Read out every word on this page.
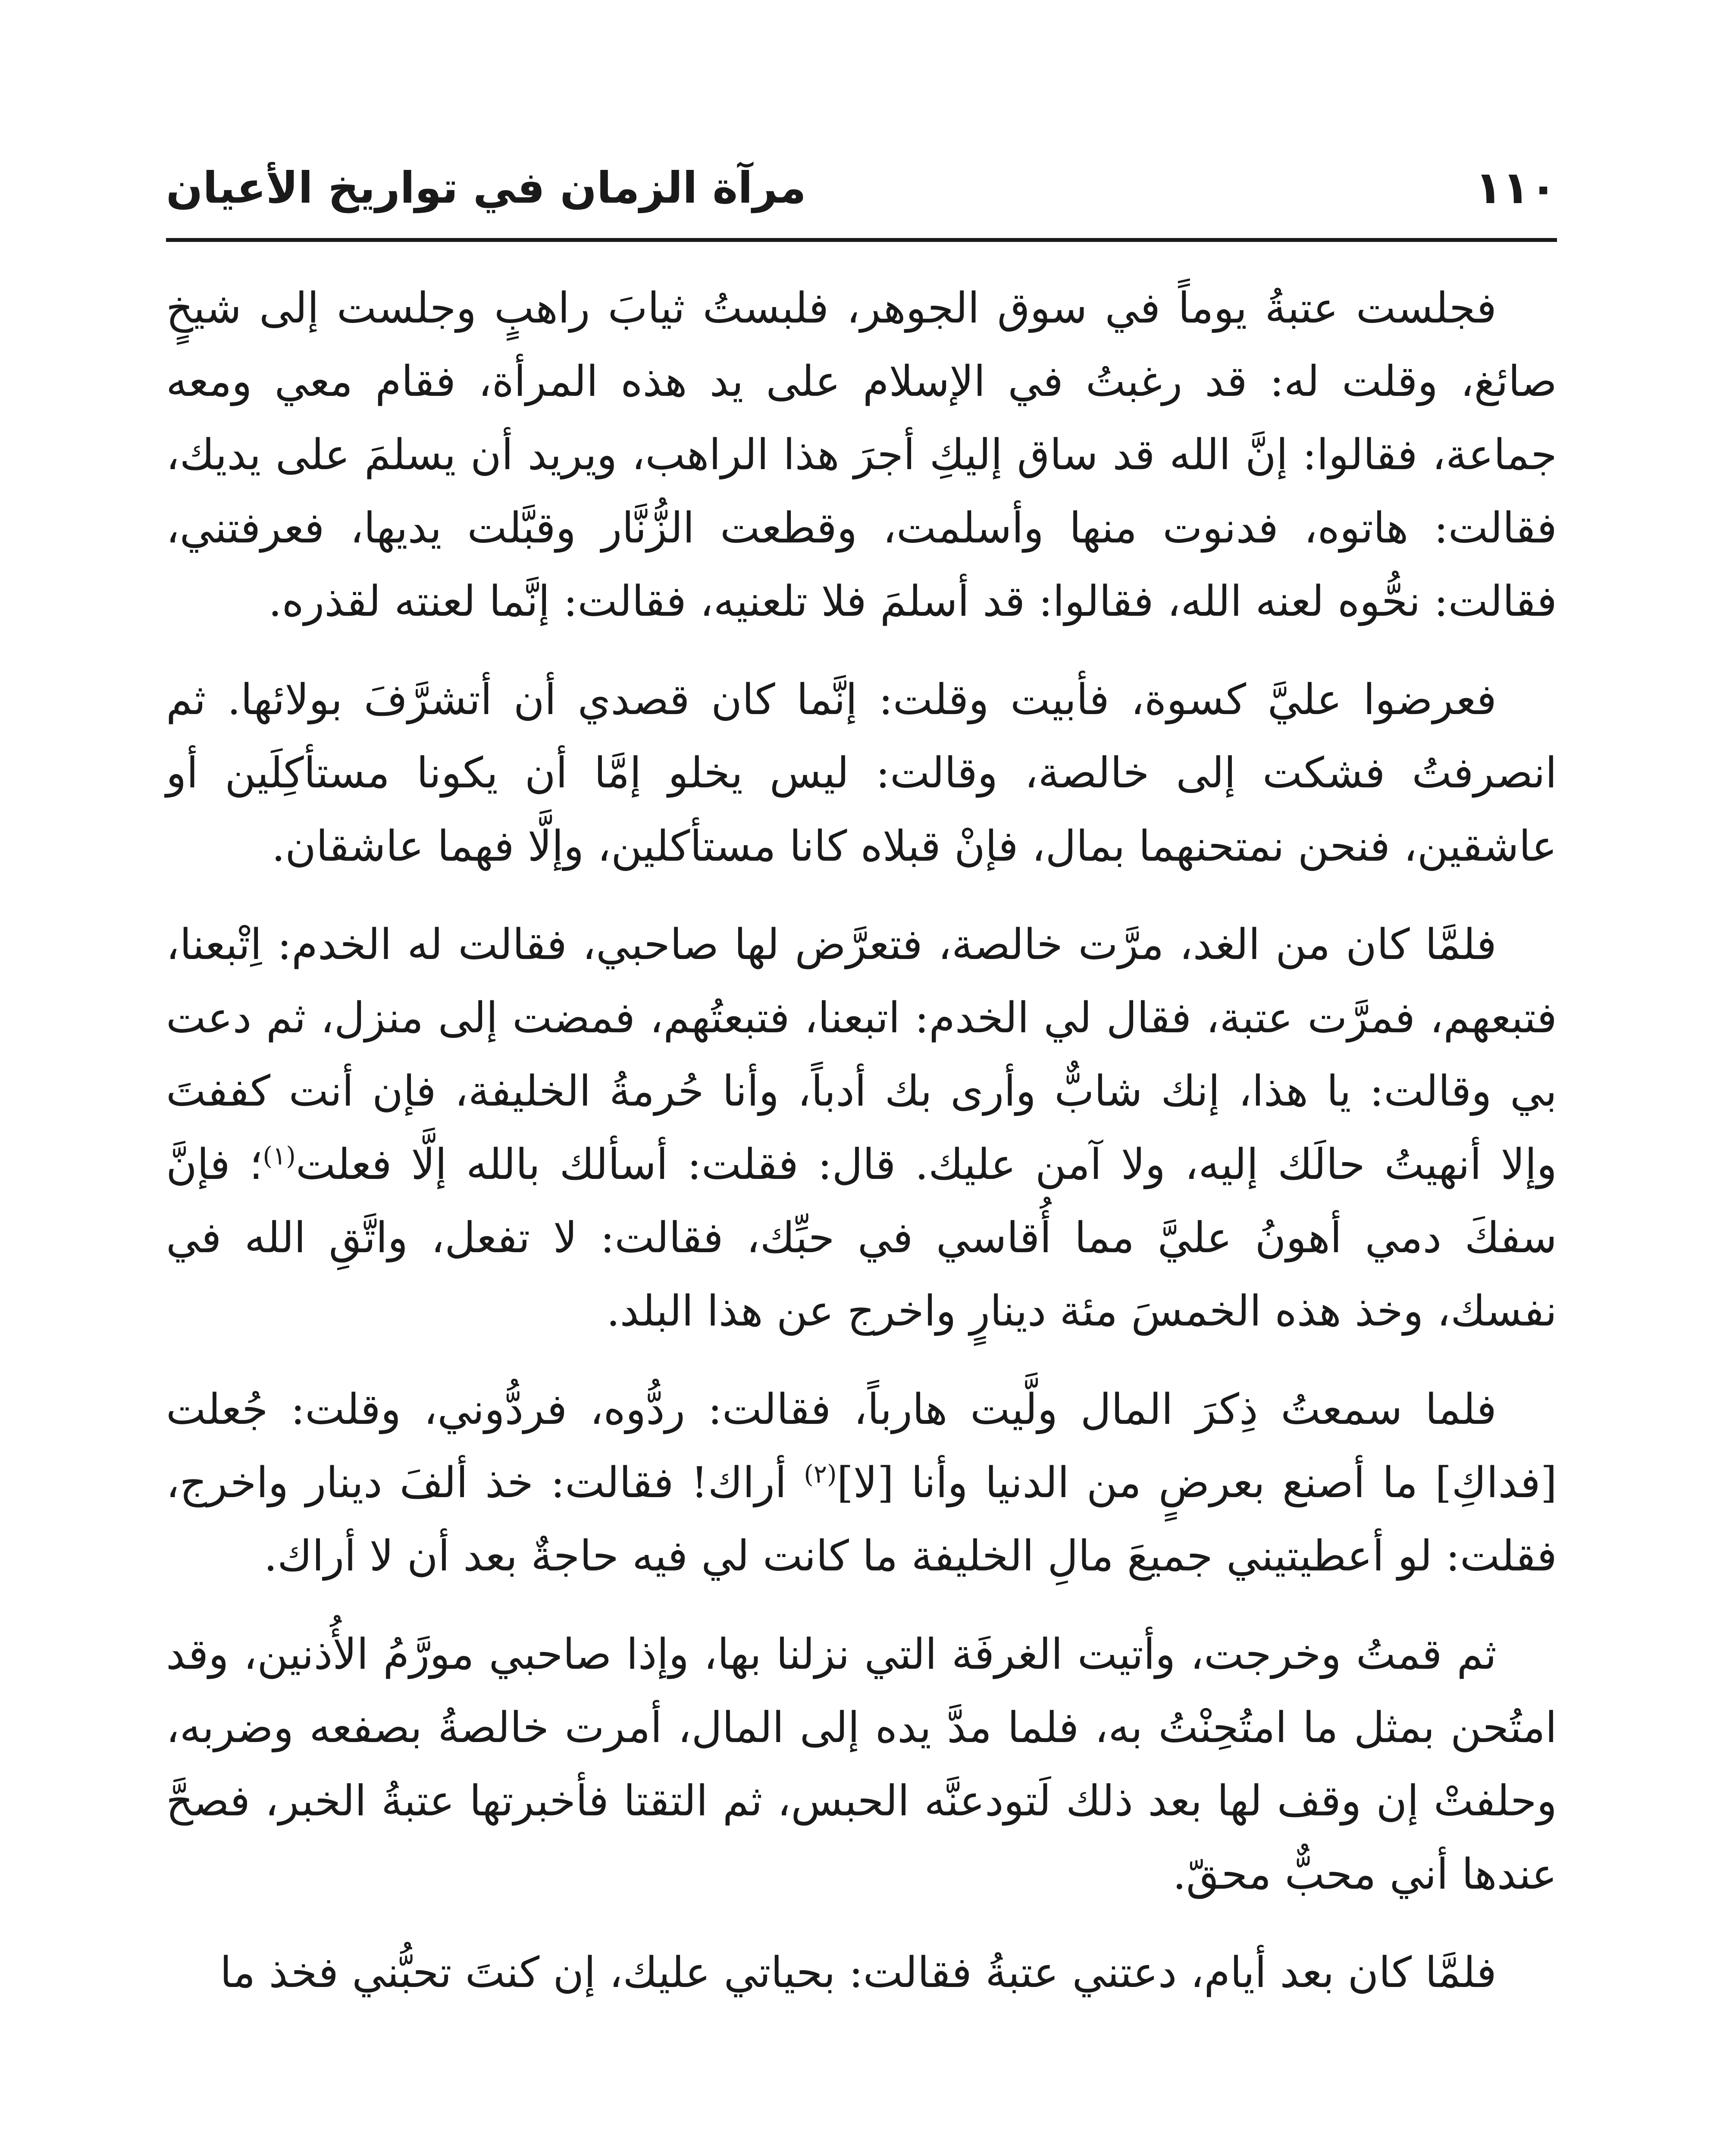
١١٠
مرآة الزمان في تواريخ الأعيان

فجلست عتبةُ يوماً في سوق الجوهر، فلبستُ ثيابَ راهبٍ وجلست إلى شيخٍ صائغ، وقلت له: قد رغبتُ في الإسلام على يد هذه المرأة، فقام معي ومعه جماعة، فقالوا: إنَّ الله قد ساق إليكِ أجرَ هذا الراهب، ويريد أن يسلمَ على يديك، فقالت: هاتوه، فدنوت منها وأسلمت، وقطعت الزُّنَّار وقبَّلت يديها، فعرفتني، فقالت: نحُّوه لعنه الله، فقالوا: قد أسلمَ فلا تلعنيه، فقالت: إنَّما لعنته لقذره.

فعرضوا عليَّ كسوة، فأبيت وقلت: إنَّما كان قصدي أن أتشرَّفَ بولائها. ثم انصرفتُ فشكت إلى خالصة، وقالت: ليس يخلو إمَّا أن يكونا مستأكِلَين أو عاشقين، فنحن نمتحنهما بمال، فإنْ قبلاه كانا مستأكلين، وإلَّا فهما عاشقان.

فلمَّا كان من الغد، مرَّت خالصة، فتعرَّض لها صاحبي، فقالت له الخدم: اِتْبعنا، فتبعهم، فمرَّت عتبة، فقال لي الخدم: اتبعنا، فتبعتُهم، فمضت إلى منزل، ثم دعت بي وقالت: يا هذا، إنك شابٌّ وأرى بك أدباً، وأنا حُرمةُ الخليفة، فإن أنت كففتَ وإلا أنهيتُ حالَك إليه، ولا آمن عليك. قال: فقلت: أسألك بالله إلَّا فعلت$^{(١)}$؛ فإنَّ سفكَ دمي أهونُ عليَّ مما أُقاسي في حبِّك، فقالت: لا تفعل، واتَّقِ الله في نفسك، وخذ هذه الخمسَ مئة دينارٍ واخرج عن هذا البلد.

فلما سمعتُ ذِكرَ المال ولَّيت هارباً، فقالت: ردُّوه، فردُّوني، وقلت: جُعلت [فداكِ] ما أصنع بعرضٍ من الدنيا وأنا [لا]$^{(٢)}$ أراك! فقالت: خذ ألفَ دينار واخرج، فقلت: لو أعطيتيني جميعَ مالِ الخليفة ما كانت لي فيه حاجةٌ بعد أن لا أراك.

ثم قمتُ وخرجت، وأتيت الغرفَة التي نزلنا بها، وإذا صاحبي مورَّمُ الأُذنين، وقد امتُحن بمثل ما امتُحِنْتُ به، فلما مدَّ يده إلى المال، أمرت خالصةُ بصفعه وضربه، وحلفتْ إن وقف لها بعد ذلك لَتودعنَّه الحبس، ثم التقتا فأخبرتها عتبةُ الخبر، فصحَّ عندها أني محبٌّ محقّ.

فلمَّا كان بعد أيام، دعتني عتبةُ فقالت: بحياتي عليك، إن كنتَ تحبُّني فخذ ما
